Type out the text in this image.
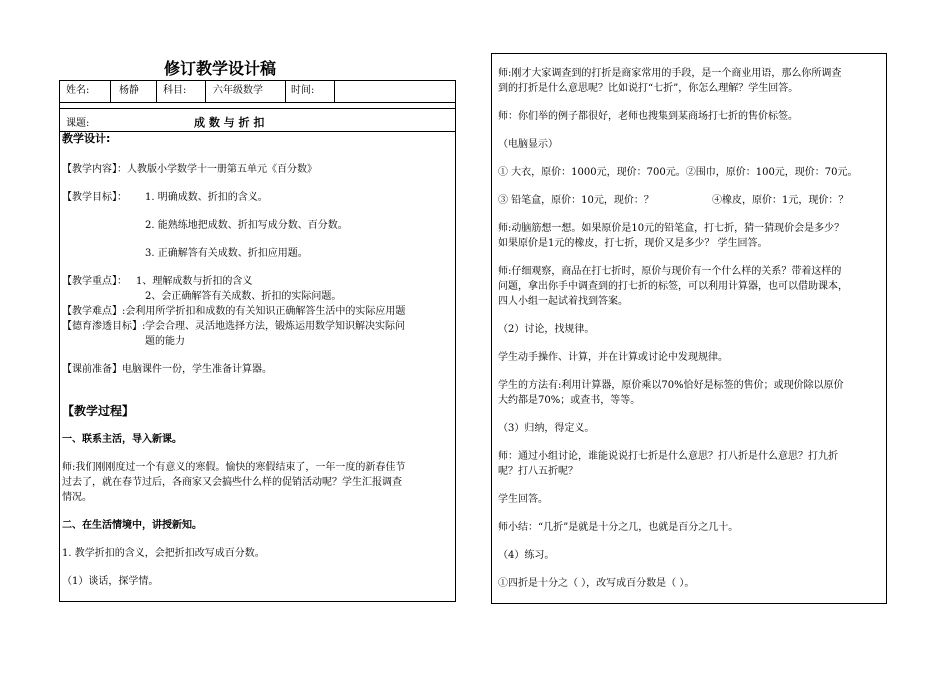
修订教学设计稿
姓名:	杨静 科目:	六年级数学	时间:
课题:	成 数 与 折 扣
教学设计:
【教学内容】：人教版小学数学十一册第五单元《百分数》
【教学目标】： 1. 明确成数、折扣的含义。
2. 能熟练地把成数、折扣写成分数、百分数。
3. 正确解答有关成数、折扣应用题。
【教学重点】： 1、理解成数与折扣的含义
2、会正确解答有关成数、折扣的实际问题。
【教学难点】:会利用所学折扣和成数的有关知识正确解答生活中的实际应用题
【德育渗透目标】: 学会合理、灵活地选择方法，锻炼运用数学知识解决实际问
题的能力
【课前准备】电脑课件一份，学生准备计算器。
【教学过程】
一、联系主活，导入新课。
师:我们刚刚度过一个有意义的寒假。愉快的寒假结束了，一年一度的新春佳节
过去了，就在春节过后，各商家又会搞些什么样的促销活动呢？学生汇报调查
情况。
二、在生活情境中，讲授新知。
1. 教学折扣的含义，会把折扣改写成百分数。
（1）谈话，探学情。
师:刚才大家调查到的打折是商家常用的手段，是一个商业用语，那么你所调查
到的打折是什么意思呢？比如说打“七折”，你怎么理解？学生回答。
师：你们举的例子都很好，老师也搜集到某商场打七折的售价标签。
（电脑显示）
① 大衣，原价：1000元，现价：700元。②围巾，原价：100元，现价：70元。
③ 铅笔盒，原价：10元，现价：？	④橡皮，原价：1元，现价：？
师:动脑筋想一想。如果原价是10元的铅笔盒，打七折，猜一猜现价会是多少？
如果原价是1元的橡皮，打七折，现价又是多少？ 学生回答。
师:仔细观察，商品在打七折时，原价与现价有一个什么样的关系？带着这样的
问题，拿出你手中调查到的打七折的标签，可以利用计算器，也可以借助课本，
四人小组一起试着找到答案。
（2）讨论，找规律。
学生动手操作、计算，并在计算或讨论中发现规律。
学生的方法有:利用计算器，原价乘以70%恰好是标签的售价；或现价除以原价
大约都是70%；或查书，等等。
（3）归纳，得定义。
师：通过小组讨论，谁能说说打七折是什么意思？打八折是什么意思？打九折
呢？打八五折呢？
学生回答。
师小结：“几折”是就是十分之几，也就是百分之几十。
（4）练习。
①四折是十分之（ ），改写成百分数是（ ）。
